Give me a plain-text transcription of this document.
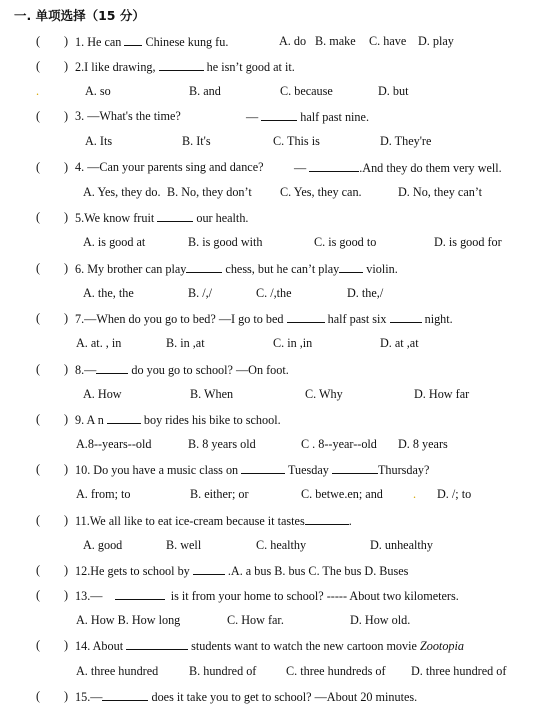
一. 单项选择（15 分）
( ) 1. He can Chinese kung fu.	A. do B. make C. have D. play
( ) 2.I like drawing,	he isn’t good at it.
.	A. so	B. and	C. because	D. but
( ) 3. —What's the time?	—	half past nine.
A. Its	B. It's	C. This is	D. They're
( ) 4. —Can your parents sing and dance? —	.And they do them very well.
A. Yes, they do. B. No, they don’t C. Yes, they can.	D. No, they can’t
( ) 5.We know fruit	our health.
A. is good at	B. is good with	C. is good to	D. is good for
( ) 6. My brother can play	chess, but he can’t play violin.
A. the, the	B. /,/	C. /,the	D. the,/
( ) 7.—When do you go to bed? —I go to bed	half past six	night.
A. at. , in	B. in ,at	C. in ,in	D. at ,at
( ) 8.—	do you go to school? —On foot.
A. How	B. When	C. Why	D. How far
( ) 9. A n	boy rides his bike to school.
A.8--years--old	B. 8 years old	C . 8--year--old D. 8 years
( ) 10. Do you have a music class on	Tuesday	Thursday?
A. from; to	B. either; or	C. betwe.en; and . D. /; to
( ) 11.We all like to eat ice-cream because it tastes	.
A. good	B. well	C. healthy	D. unhealthy
( ) 12.He gets to school by	.A. a bus B. bus C. The bus D. Buses
( ) 13.—	is it from your home to school? ----- About two kilometers.
A. How B. How long	C. How far.	D. How old.
( ) 14. About	students want to watch the new cartoon movie Zootopia
A. three hundred	B. hundred of C. three hundreds of D. three hundred of
( ) 15.—	does it take you to get to school? —About 20 minutes.
